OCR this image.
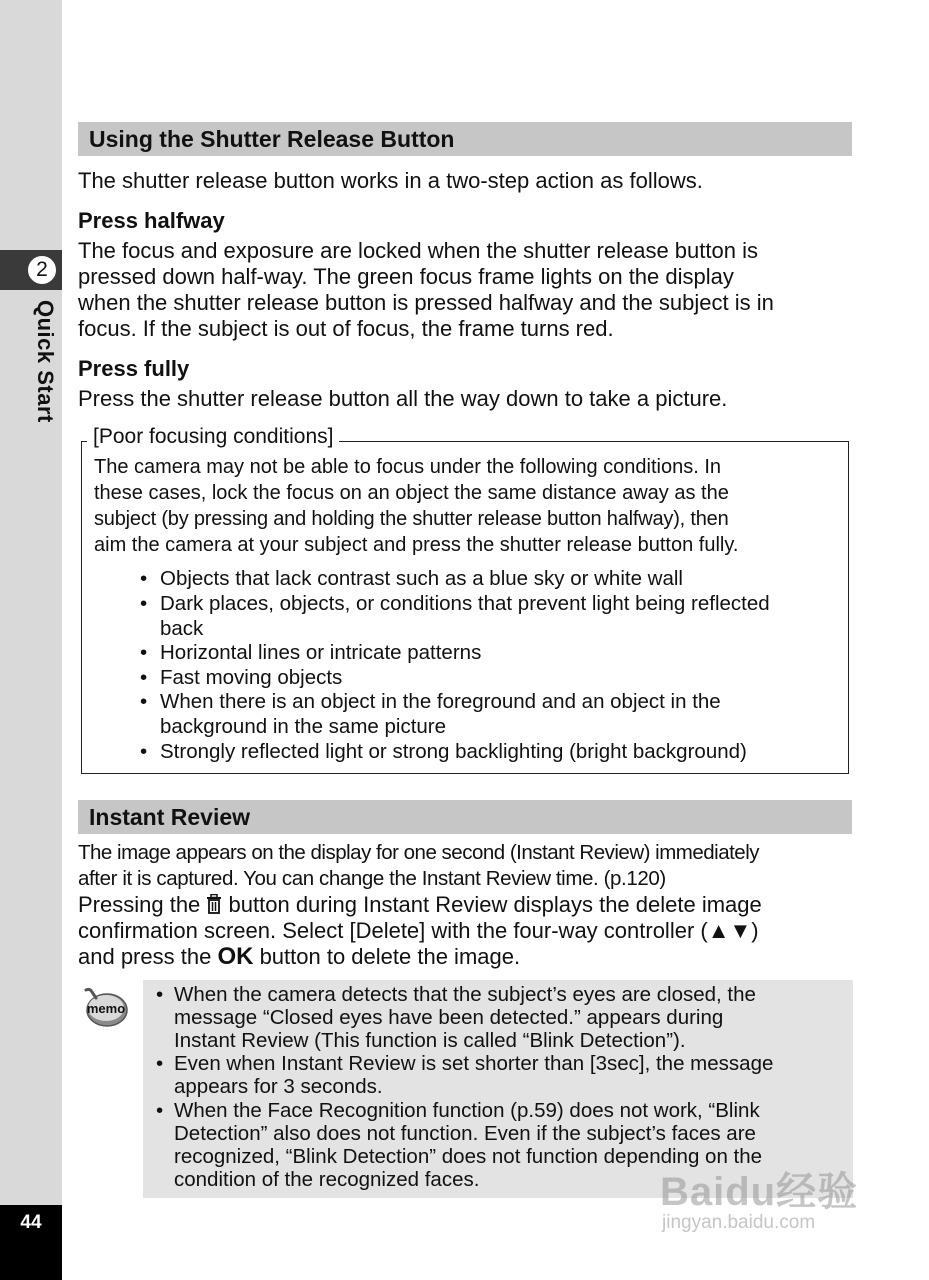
2
Quick Start
44
Using the Shutter Release Button
The shutter release button works in a two-step action as follows.
Press halfway
The focus and exposure are locked when the shutter release button is
pressed down half-way. The green focus frame lights on the display
when the shutter release button is pressed halfway and the subject is in
focus. If the subject is out of focus, the frame turns red.
Press fully
Press the shutter release button all the way down to take a picture.
[Poor focusing conditions]
The camera may not be able to focus under the following conditions. In
these cases, lock the focus on an object the same distance away as the
subject (by pressing and holding the shutter release button halfway), then
aim the camera at your subject and press the shutter release button fully.
• Objects that lack contrast such as a blue sky or white wall
• Dark places, objects, or conditions that prevent light being reflected
back
• Horizontal lines or intricate patterns
• Fast moving objects
• When there is an object in the foreground and an object in the
background in the same picture
• Strongly reflected light or strong backlighting (bright background)
Instant Review
The image appears on the display for one second (Instant Review) immediately
after it is captured. You can change the Instant Review time. (p.120)
Pressing the button during Instant Review displays the delete image
confirmation screen. Select [Delete] with the four-way controller (▲▼)
and press the OK button to delete the image.
memo
• When the camera detects that the subject’s eyes are closed, the
message “Closed eyes have been detected.” appears during
Instant Review (This function is called “Blink Detection”).
• Even when Instant Review is set shorter than [3sec], the message
appears for 3 seconds.
• When the Face Recognition function (p.59) does not work, “Blink
Detection” also does not function. Even if the subject’s faces are
recognized, “Blink Detection” does not function depending on the
condition of the recognized faces.	Baidu经验
jingyan.baidu.com
